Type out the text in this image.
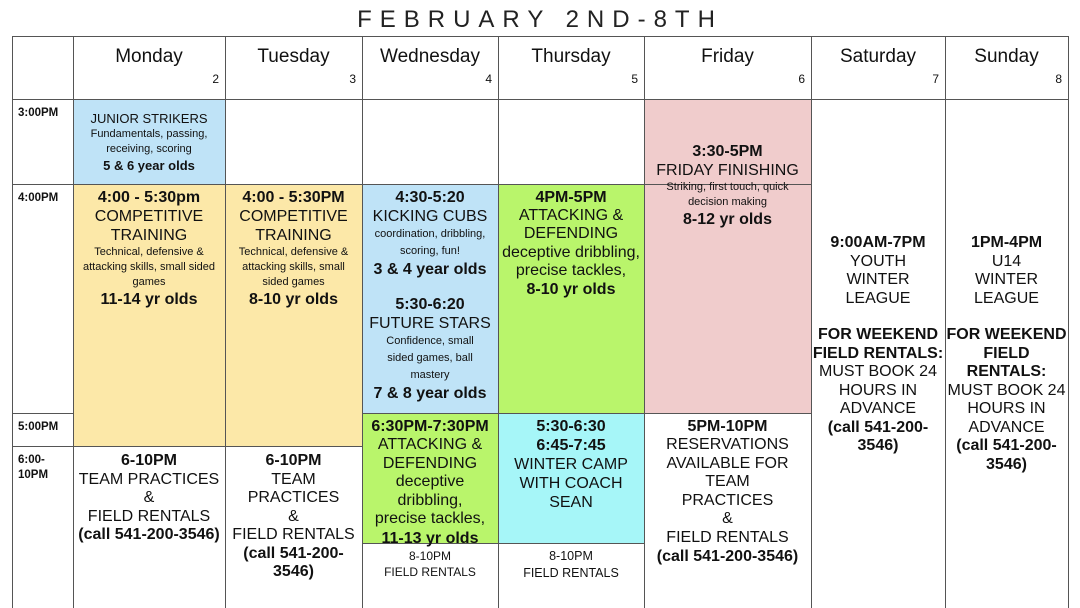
FEBRUARY 2ND-8TH
Monday
2
Tuesday
3
Wednesday
4
Thursday
5
Friday
6
Saturday
7
Sunday
8
3:00PM
4:00PM
5:00PM
6:00-
10PM
JUNIOR STRIKERS
Fundamentals, passing,
receiving, scoring
5 & 6 year olds
4:00 - 5:30pm
COMPETITIVE
TRAINING
Technical, defensive &
attacking skills, small sided
games
11-14 yr olds
4:00 - 5:30PM
COMPETITIVE
TRAINING
Technical, defensive &
attacking skills, small
sided games
8-10 yr olds
4:30-5:20
KICKING CUBS
coordination, dribbling,
scoring, fun!
3 & 4 year olds
5:30-6:20
FUTURE STARS
Confidence, small
sided games, ball
mastery
7 & 8 year olds
4PM-5PM
ATTACKING &
DEFENDING
deceptive dribbling,
precise tackles,
8-10 yr olds
3:30-5PM
FRIDAY FINISHING
Striking, first touch, quick
decision making
8-12 yr olds
9:00AM-7PM
YOUTH
WINTER
LEAGUE
FOR WEEKEND
FIELD RENTALS:
MUST BOOK 24
HOURS IN
ADVANCE
(call 541-200-3546)
1PM-4PM
U14
WINTER
LEAGUE
FOR WEEKEND
FIELD
RENTALS:
MUST BOOK 24
HOURS IN
ADVANCE
(call 541-200-
3546)
6-10PM
TEAM PRACTICES
&
FIELD RENTALS
(call 541-200-3546)
6-10PM
TEAM PRACTICES
&
FIELD RENTALS
(call 541-200-3546)
6:30PM-7:30PM
ATTACKING &
DEFENDING
deceptive dribbling,
precise tackles,
11-13 yr olds
5:30-6:30
6:45-7:45
WINTER CAMP
WITH COACH SEAN
5PM-10PM
RESERVATIONS
AVAILABLE FOR TEAM
PRACTICES
&
FIELD RENTALS
(call 541-200-3546)
8-10PM
FIELD RENTALS
8-10PM
FIELD RENTALS
